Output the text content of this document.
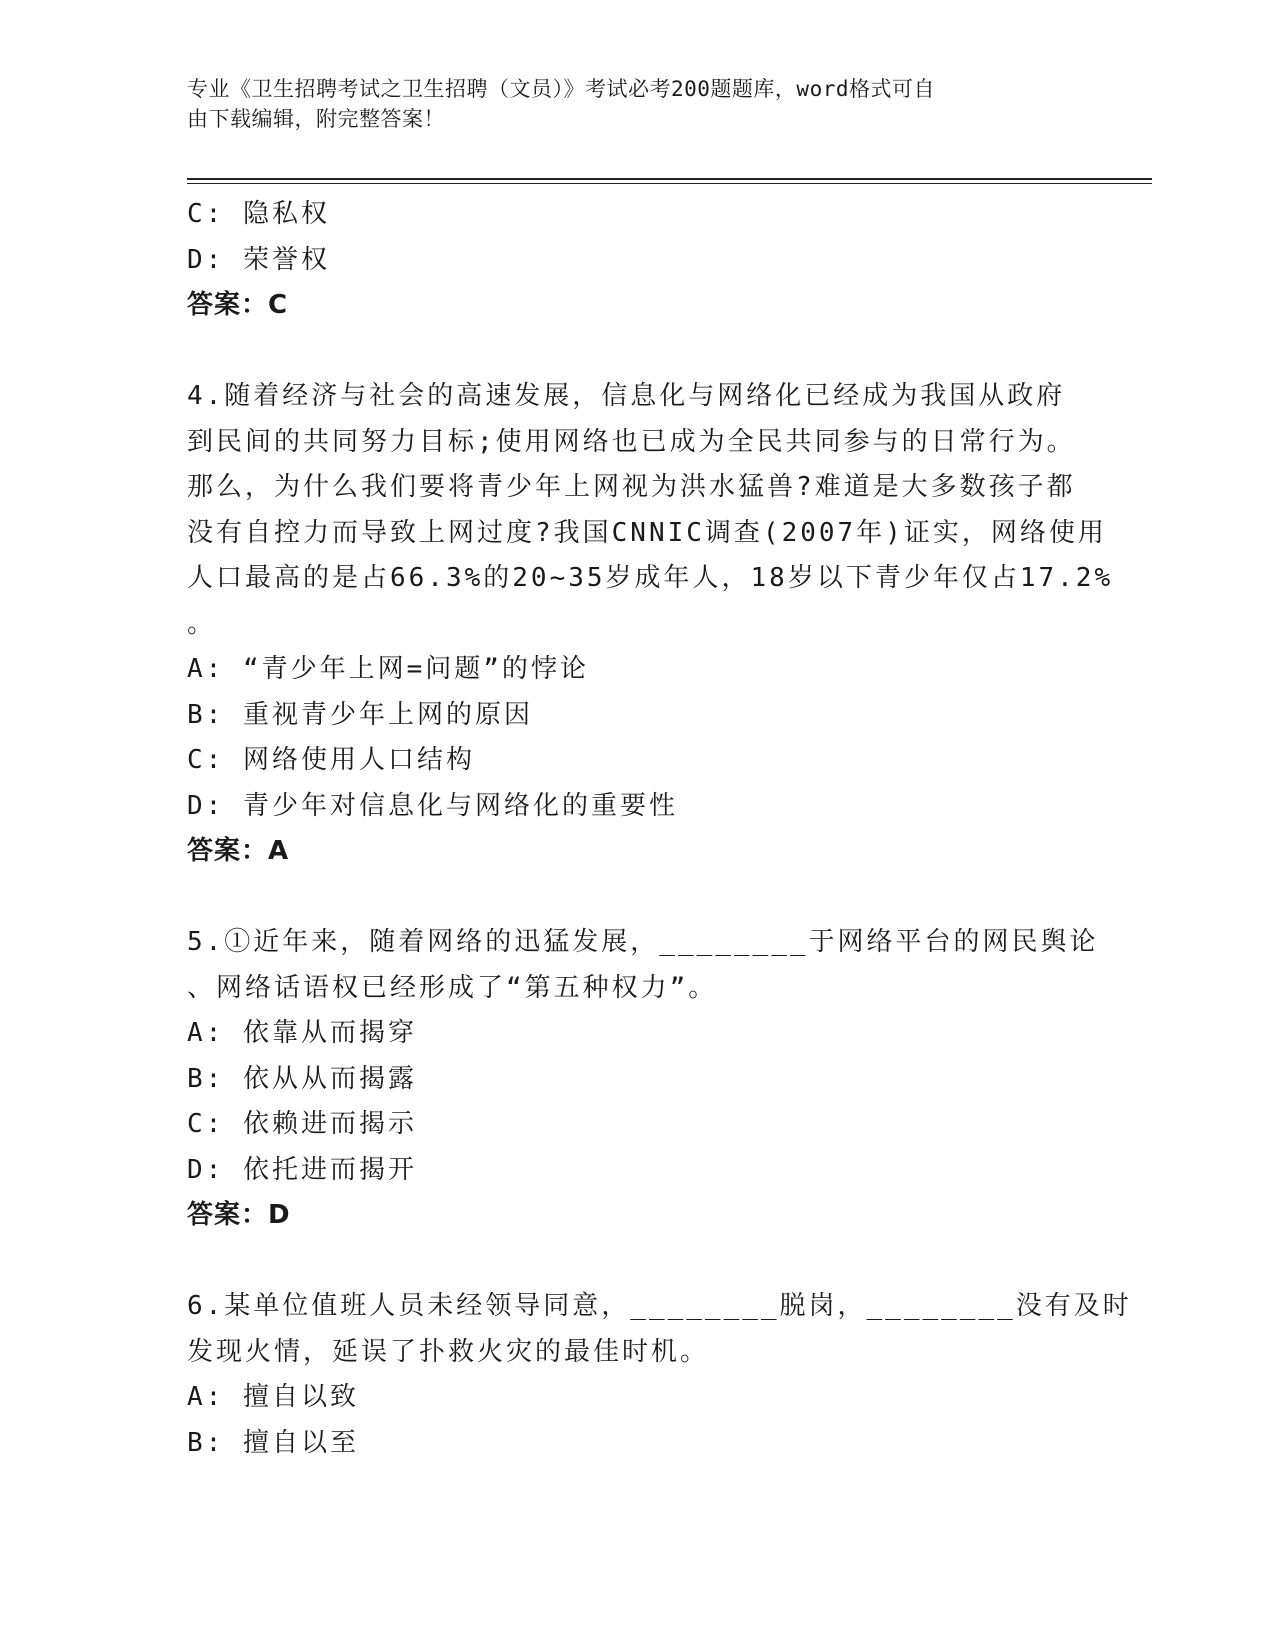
专业《卫生招聘考试之卫生招聘（文员）》考试必考200题题库，word格式可自
由下载编辑，附完整答案！
C: 隐私权
D: 荣誉权
答案：C
4.随着经济与社会的高速发展，信息化与网络化已经成为我国从政府
到民间的共同努力目标;使用网络也已成为全民共同参与的日常行为。
那么，为什么我们要将青少年上网视为洪水猛兽?难道是大多数孩子都
没有自控力而导致上网过度?我国CNNIC调查(2007年)证实，网络使用
人口最高的是占66.3%的20~35岁成年人，18岁以下青少年仅占17.2%
。
A: “青少年上网=问题”的悖论
B: 重视青少年上网的原因
C: 网络使用人口结构
D: 青少年对信息化与网络化的重要性
答案：A
5.①近年来，随着网络的迅猛发展，________于网络平台的网民舆论
、网络话语权已经形成了“第五种权力”。
A: 依靠从而揭穿
B: 依从从而揭露
C: 依赖进而揭示
D: 依托进而揭开
答案：D
6.某单位值班人员未经领导同意，________脱岗，________没有及时
发现火情，延误了扑救火灾的最佳时机。
A: 擅自以致
B: 擅自以至
